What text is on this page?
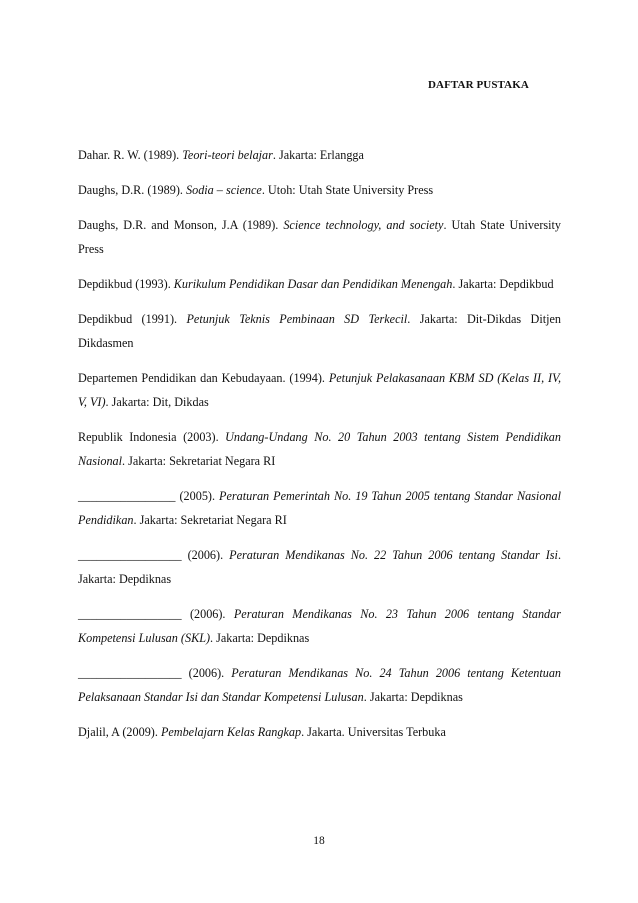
DAFTAR PUSTAKA

Dahar. R. W. (1989). Teori-teori belajar. Jakarta: Erlangga

Daughs, D.R. (1989). Sodia – science. Utoh: Utah State University Press

Daughs, D.R. and Monson, J.A (1989). Science technology, and society. Utah State University Press

Depdikbud (1993). Kurikulum Pendidikan Dasar dan Pendidikan Menengah. Jakarta: Depdikbud

Depdikbud (1991). Petunjuk Teknis Pembinaan SD Terkecil. Jakarta: Dit-Dikdas Ditjen Dikdasmen

Departemen Pendidikan dan Kebudayaan. (1994). Petunjuk Pelakasanaan KBM SD (Kelas II, IV, V, VI). Jakarta: Dit, Dikdas

Republik Indonesia (2003). Undang-Undang No. 20 Tahun 2003 tentang Sistem Pendidikan Nasional. Jakarta: Sekretariat Negara RI

________________ (2005). Peraturan Pemerintah No. 19 Tahun 2005 tentang Standar Nasional Pendidikan. Jakarta: Sekretariat Negara RI

_________________ (2006). Peraturan Mendikanas No. 22 Tahun 2006 tentang Standar Isi. Jakarta: Depdiknas

_________________ (2006). Peraturan Mendikanas No. 23 Tahun 2006 tentang Standar Kompetensi Lulusan (SKL). Jakarta: Depdiknas

_________________ (2006). Peraturan Mendikanas No. 24 Tahun 2006 tentang Ketentuan Pelaksanaan Standar Isi dan Standar Kompetensi Lulusan. Jakarta: Depdiknas

Djalil, A (2009). Pembelajarn Kelas Rangkap. Jakarta. Universitas Terbuka

18
